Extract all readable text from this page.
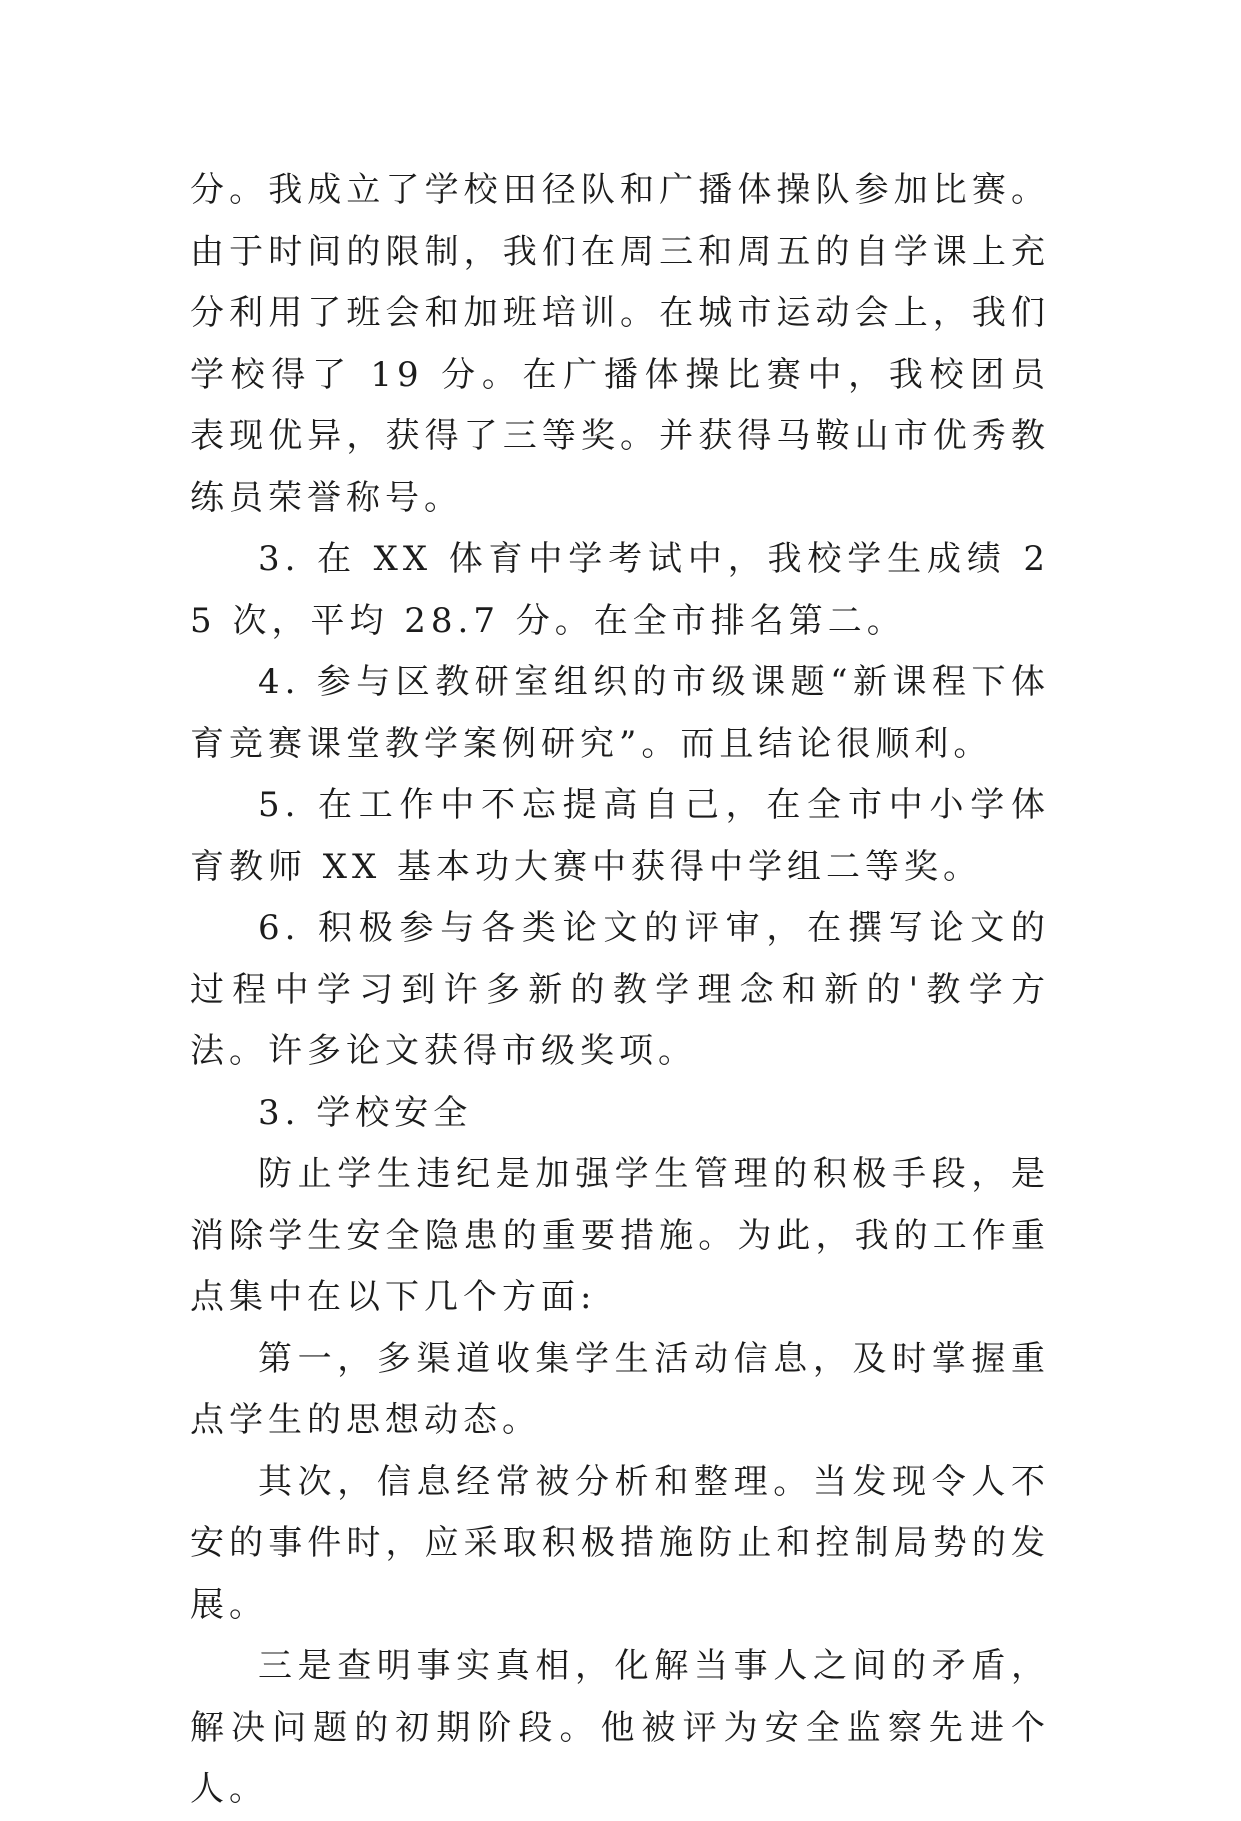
分。我成立了学校田径队和广播体操队参加比赛。由于时间的限制，我们在周三和周五的自学课上充分利用了班会和加班培训。在城市运动会上，我们学校得了 19 分。在广播体操比赛中，我校团员表现优异，获得了三等奖。并获得马鞍山市优秀教练员荣誉称号。

3. 在 XX 体育中学考试中，我校学生成绩 25 次，平均 28.7 分。在全市排名第二。

4. 参与区教研室组织的市级课题“新课程下体育竞赛课堂教学案例研究”。而且结论很顺利。

5. 在工作中不忘提高自己，在全市中小学体育教师 XX 基本功大赛中获得中学组二等奖。

6. 积极参与各类论文的评审，在撰写论文的过程中学习到许多新的教学理念和新的'教学方法。许多论文获得市级奖项。

3. 学校安全

防止学生违纪是加强学生管理的积极手段，是消除学生安全隐患的重要措施。为此，我的工作重点集中在以下几个方面:

第一，多渠道收集学生活动信息，及时掌握重点学生的思想动态。

其次，信息经常被分析和整理。当发现令人不安的事件时，应采取积极措施防止和控制局势的发展。

三是查明事实真相，化解当事人之间的矛盾，解决问题的初期阶段。他被评为安全监察先进个人。
